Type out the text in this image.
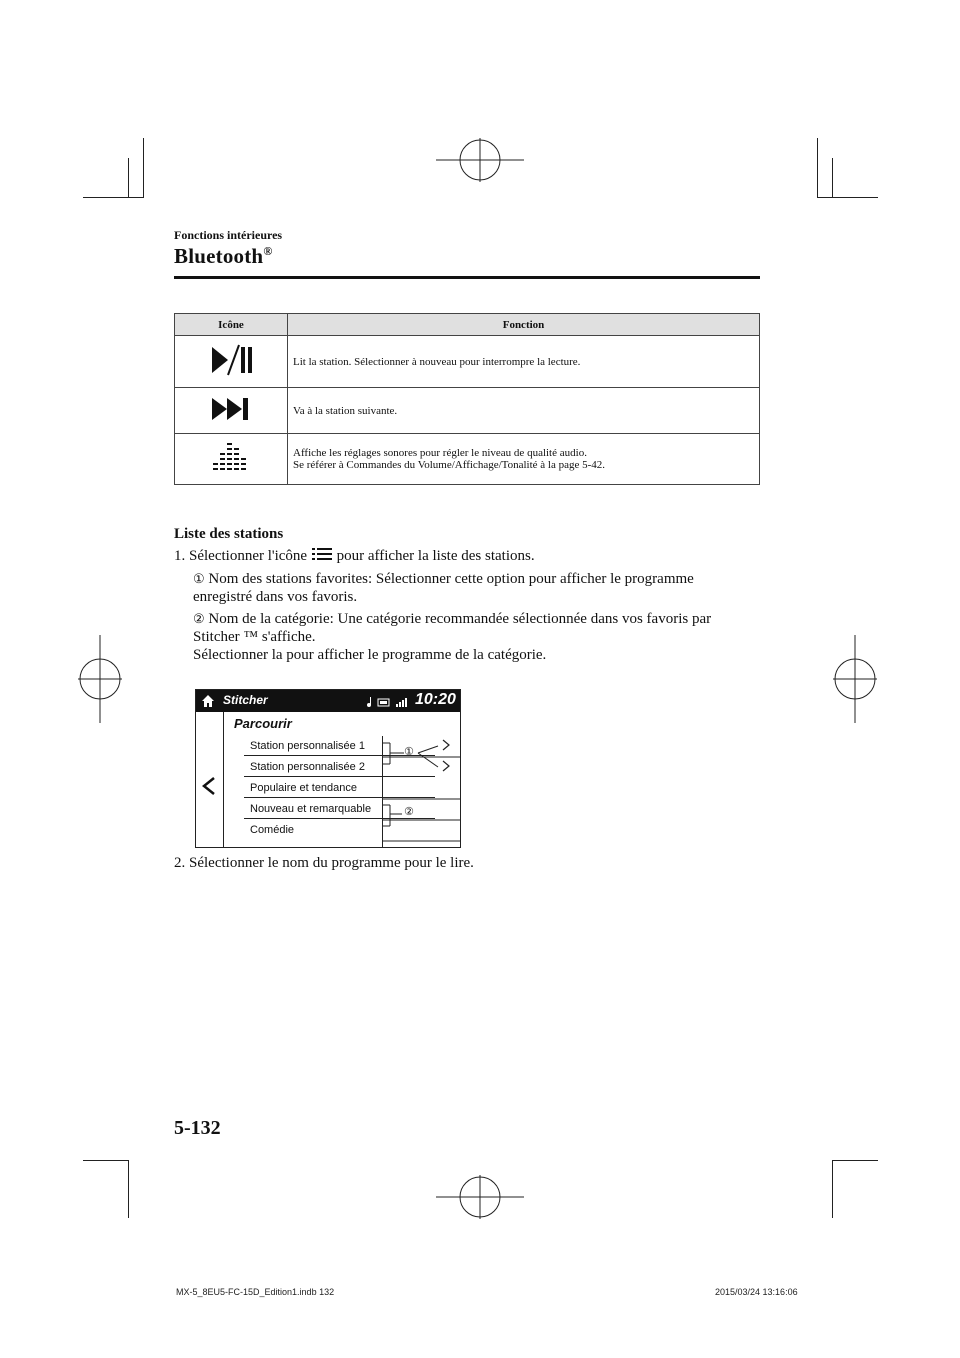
Fonctions intérieures
Bluetooth®
Icône	Fonction

Lit la station. Sélectionner à nouveau pour interrompre la lecture.

Va à la station suivante.

Affiche les réglages sonores pour régler le niveau de qualité audio.
Se référer à Commandes du Volume/Affichage/Tonalité à la page 5-42.
Liste des stations
1. Sélectionner l'icône pour afficher la liste des stations.
① Nom des stations favorites: Sélectionner cette option pour afficher le programme
enregistré dans vos favoris.
② Nom de la catégorie: Une catégorie recommandée sélectionnée dans vos favoris par
Stitcher ™ s'affiche.
Sélectionner la pour afficher le programme de la catégorie.
Stitcher	10:20
Parcourir
Station personnalisée 1
Station personnalisée 2
Populaire et tendance
Nouveau et remarquable
Comédie
①
②
2. Sélectionner le nom du programme pour le lire.
5-132
MX-5_8EU5-FC-15D_Edition1.indb 132	2015/03/24 13:16:06
